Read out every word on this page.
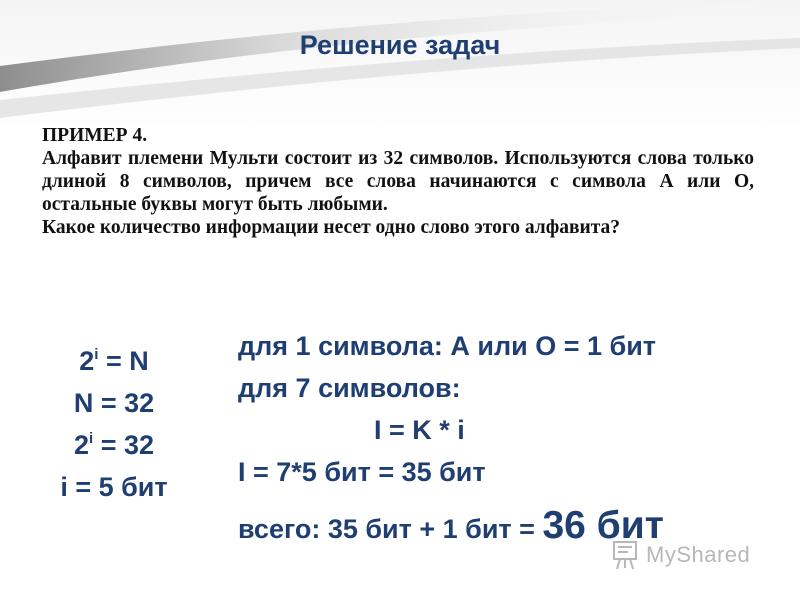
Решение задач

ПРИМЕР 4.

Алфавит племени Мульти состоит из 32 символов. Используются слова только длиной 8 символов, причем все слова начинаются с символа А или О, остальные буквы могут быть любыми.

Какое количество информации несет одно слово этого алфавита?

$2^i = N$
N = 32
$2^i = 32$
i = 5 бит
для 1 символа: А или О = 1 бит
для 7 символов:
I = K * i
I = 7*5 бит = 35 бит
всего: 35 бит + 1 бит = 36 бит
MyShared
